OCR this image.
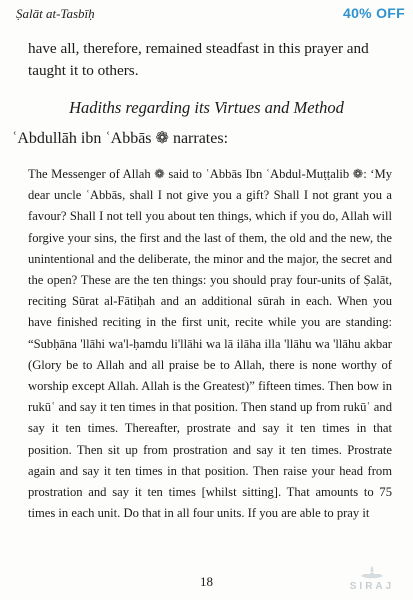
Ṣalāt at-Tasbīḥ	40% OFF

have all, therefore, remained steadfast in this prayer and taught it to others.

Hadiths regarding its Virtues and Method

ʿAbdullāh ibn ʿAbbās ❁ narrates:

The Messenger of Allah ❁ said to ʿAbbās Ibn ʿAbdul-Muṭṭalib ❁: ‘My dear uncle ʿAbbās, shall I not give you a gift? Shall I not grant you a favour? Shall I not tell you about ten things, which if you do, Allah will forgive your sins, the first and the last of them, the old and the new, the unintentional and the deliberate, the minor and the major, the secret and the open? These are the ten things: you should pray four-units of Ṣalāt, reciting Sūrat al-Fātiḥah and an additional sūrah in each. When you have finished reciting in the first unit, recite while you are standing: “Subḥāna 'llāhi wa'l-ḥamdu li'llāhi wa lā ilāha illa 'llāhu wa 'llāhu akbar (Glory be to Allah and all praise be to Allah, there is none worthy of worship except Allah. Allah is the Greatest)” fifteen times. Then bow in rukūʿ and say it ten times in that position. Then stand up from rukūʿ and say it ten times. Thereafter, prostrate and say it ten times in that position. Then sit up from prostration and say it ten times. Prostrate again and say it ten times in that position. Then raise your head from prostration and say it ten times [whilst sitting]. That amounts to 75 times in each unit. Do that in all four units. If you are able to pray it

18	SIRAJ
